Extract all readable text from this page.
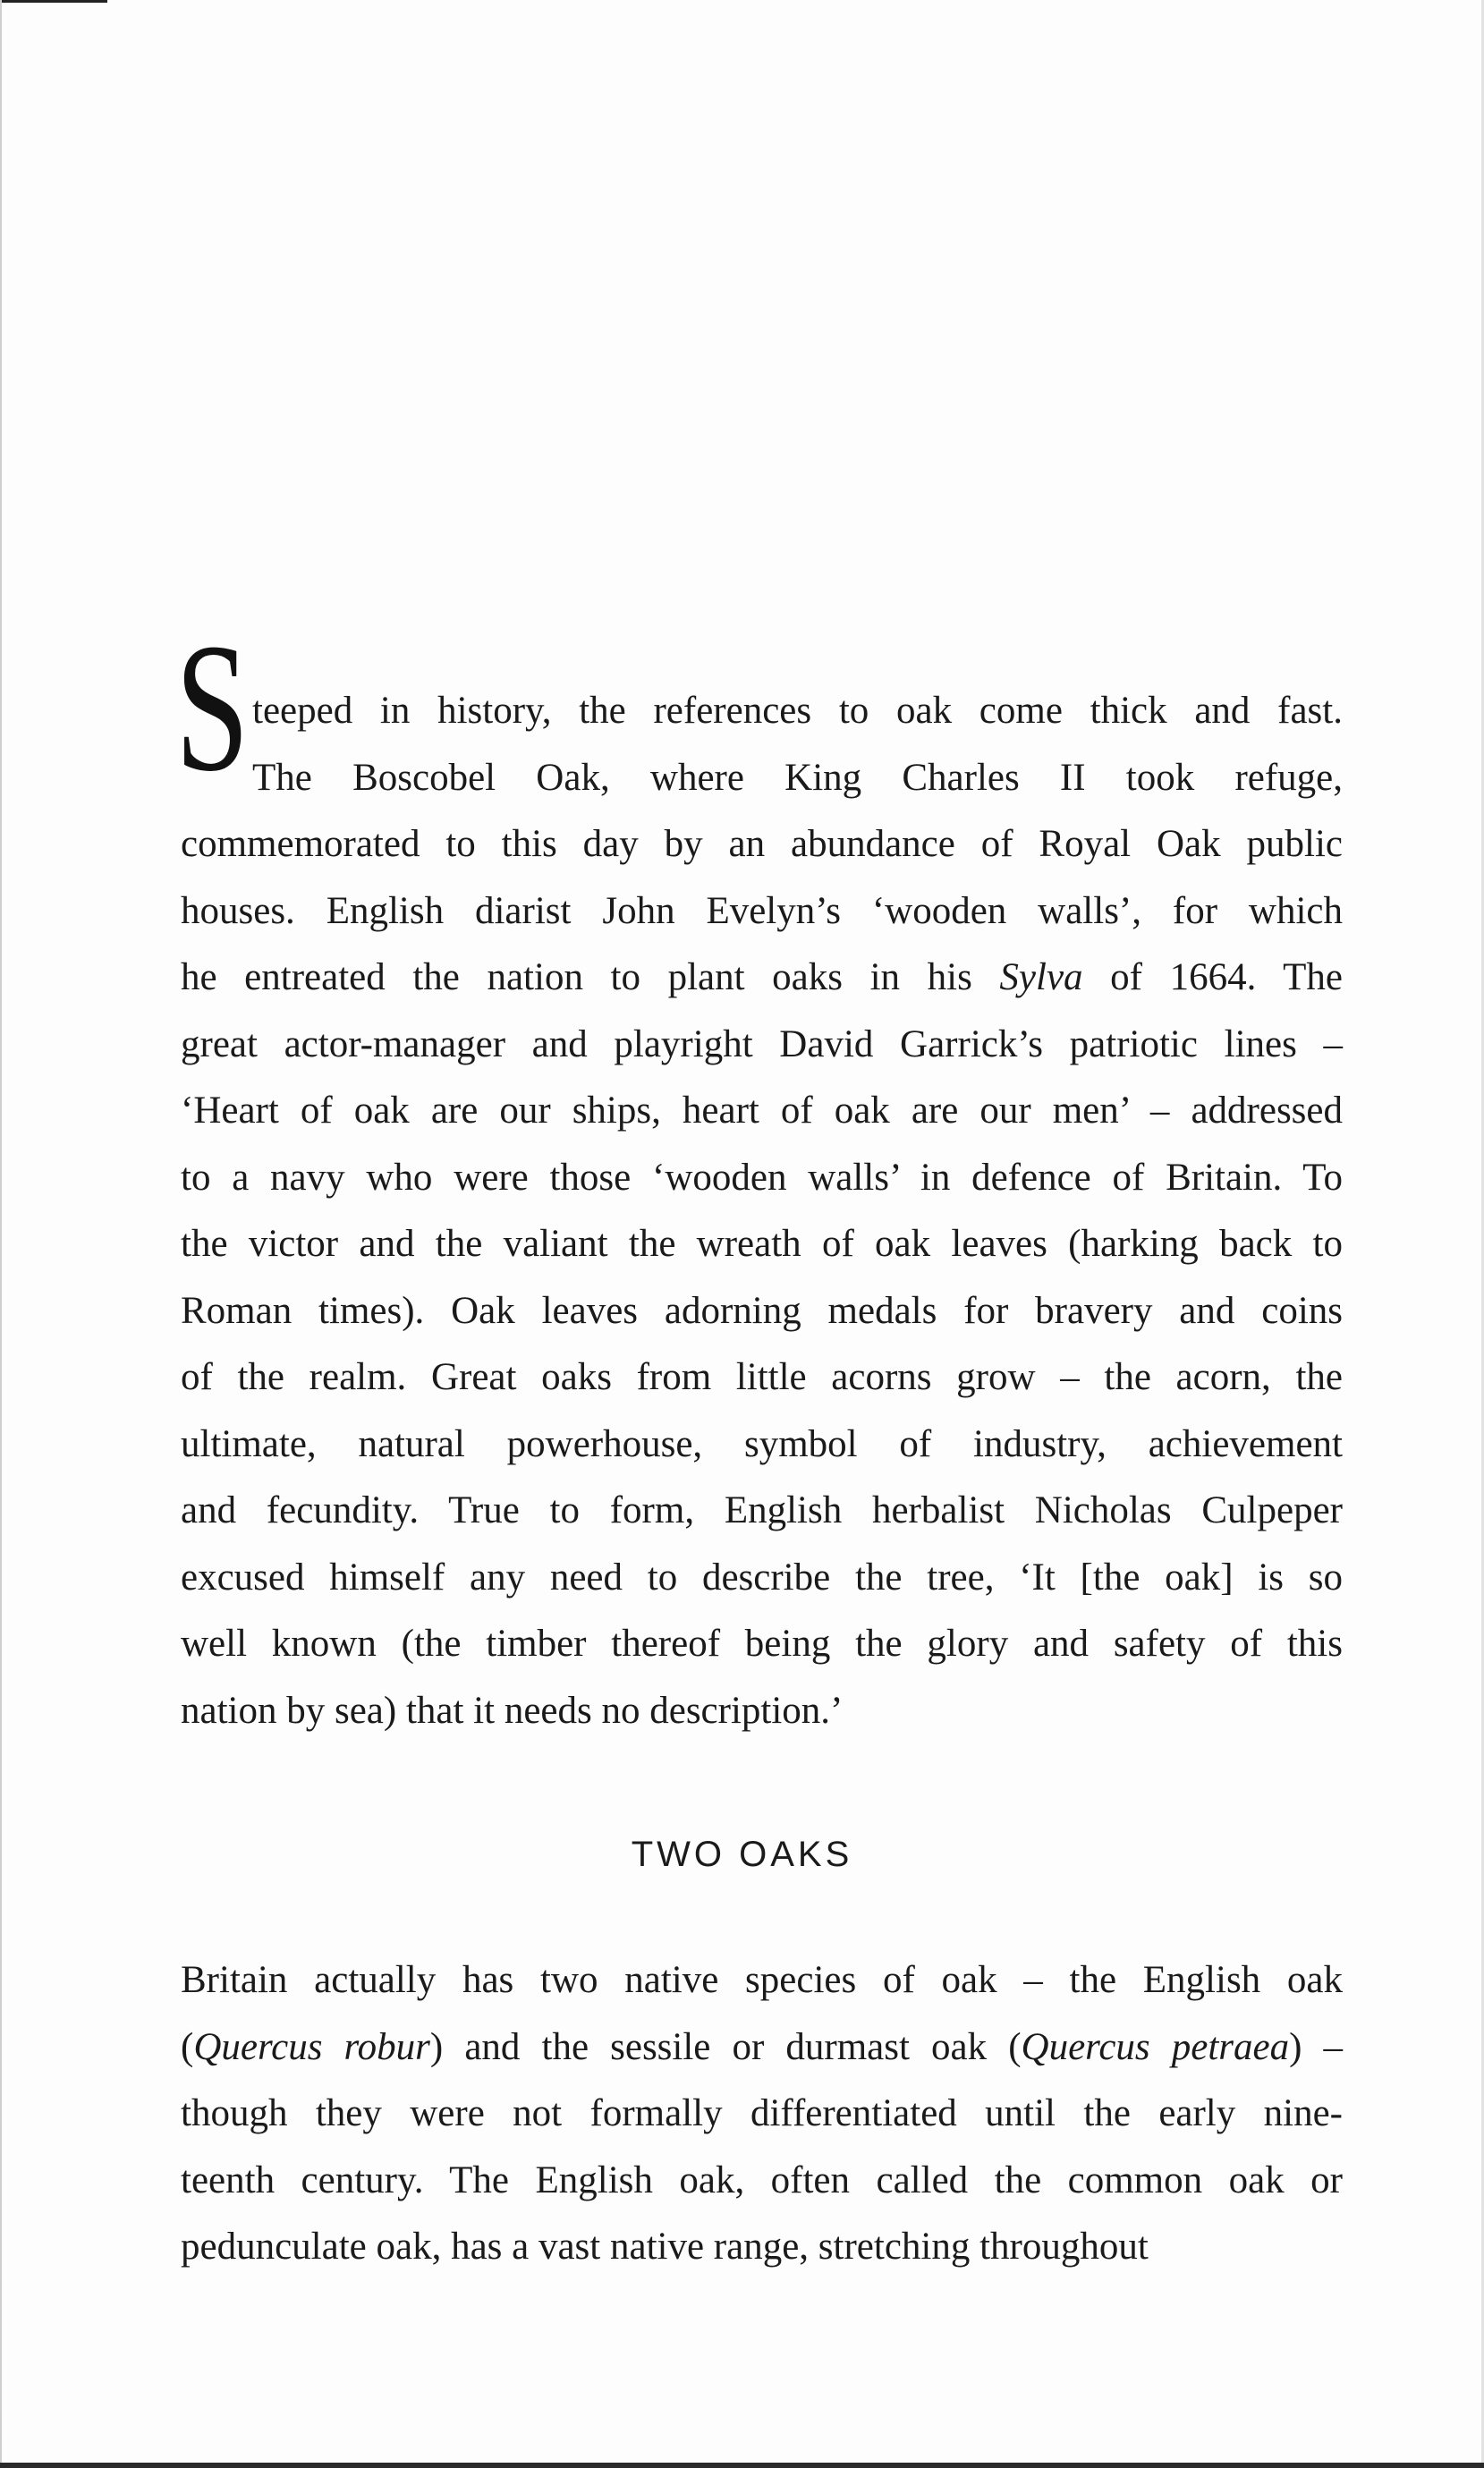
S teeped in history, the references to oak come thick and fast.
The Boscobel Oak, where King Charles II took refuge,
commemorated to this day by an abundance of Royal Oak public
houses. English diarist John Evelyn’s ‘wooden walls’, for which
he entreated the nation to plant oaks in his Sylva of 1664. The
great actor-manager and playright David Garrick’s patriotic lines –
‘Heart of oak are our ships, heart of oak are our men’ – addressed
to a navy who were those ‘wooden walls’ in defence of Britain. To
the victor and the valiant the wreath of oak leaves (harking back to
Roman times). Oak leaves adorning medals for bravery and coins
of the realm. Great oaks from little acorns grow – the acorn, the
ultimate, natural powerhouse, symbol of industry, achievement
and fecundity. True to form, English herbalist Nicholas Culpeper
excused himself any need to describe the tree, ‘It [the oak] is so
well known (the timber thereof being the glory and safety of this
nation by sea) that it needs no description.’
TWO OAKS
Britain actually has two native species of oak – the English oak
(Quercus robur) and the sessile or durmast oak (Quercus petraea) –
though they were not formally differentiated until the early nine-
teenth century. The English oak, often called the common oak or
pedunculate oak, has a vast native range, stretching throughout
